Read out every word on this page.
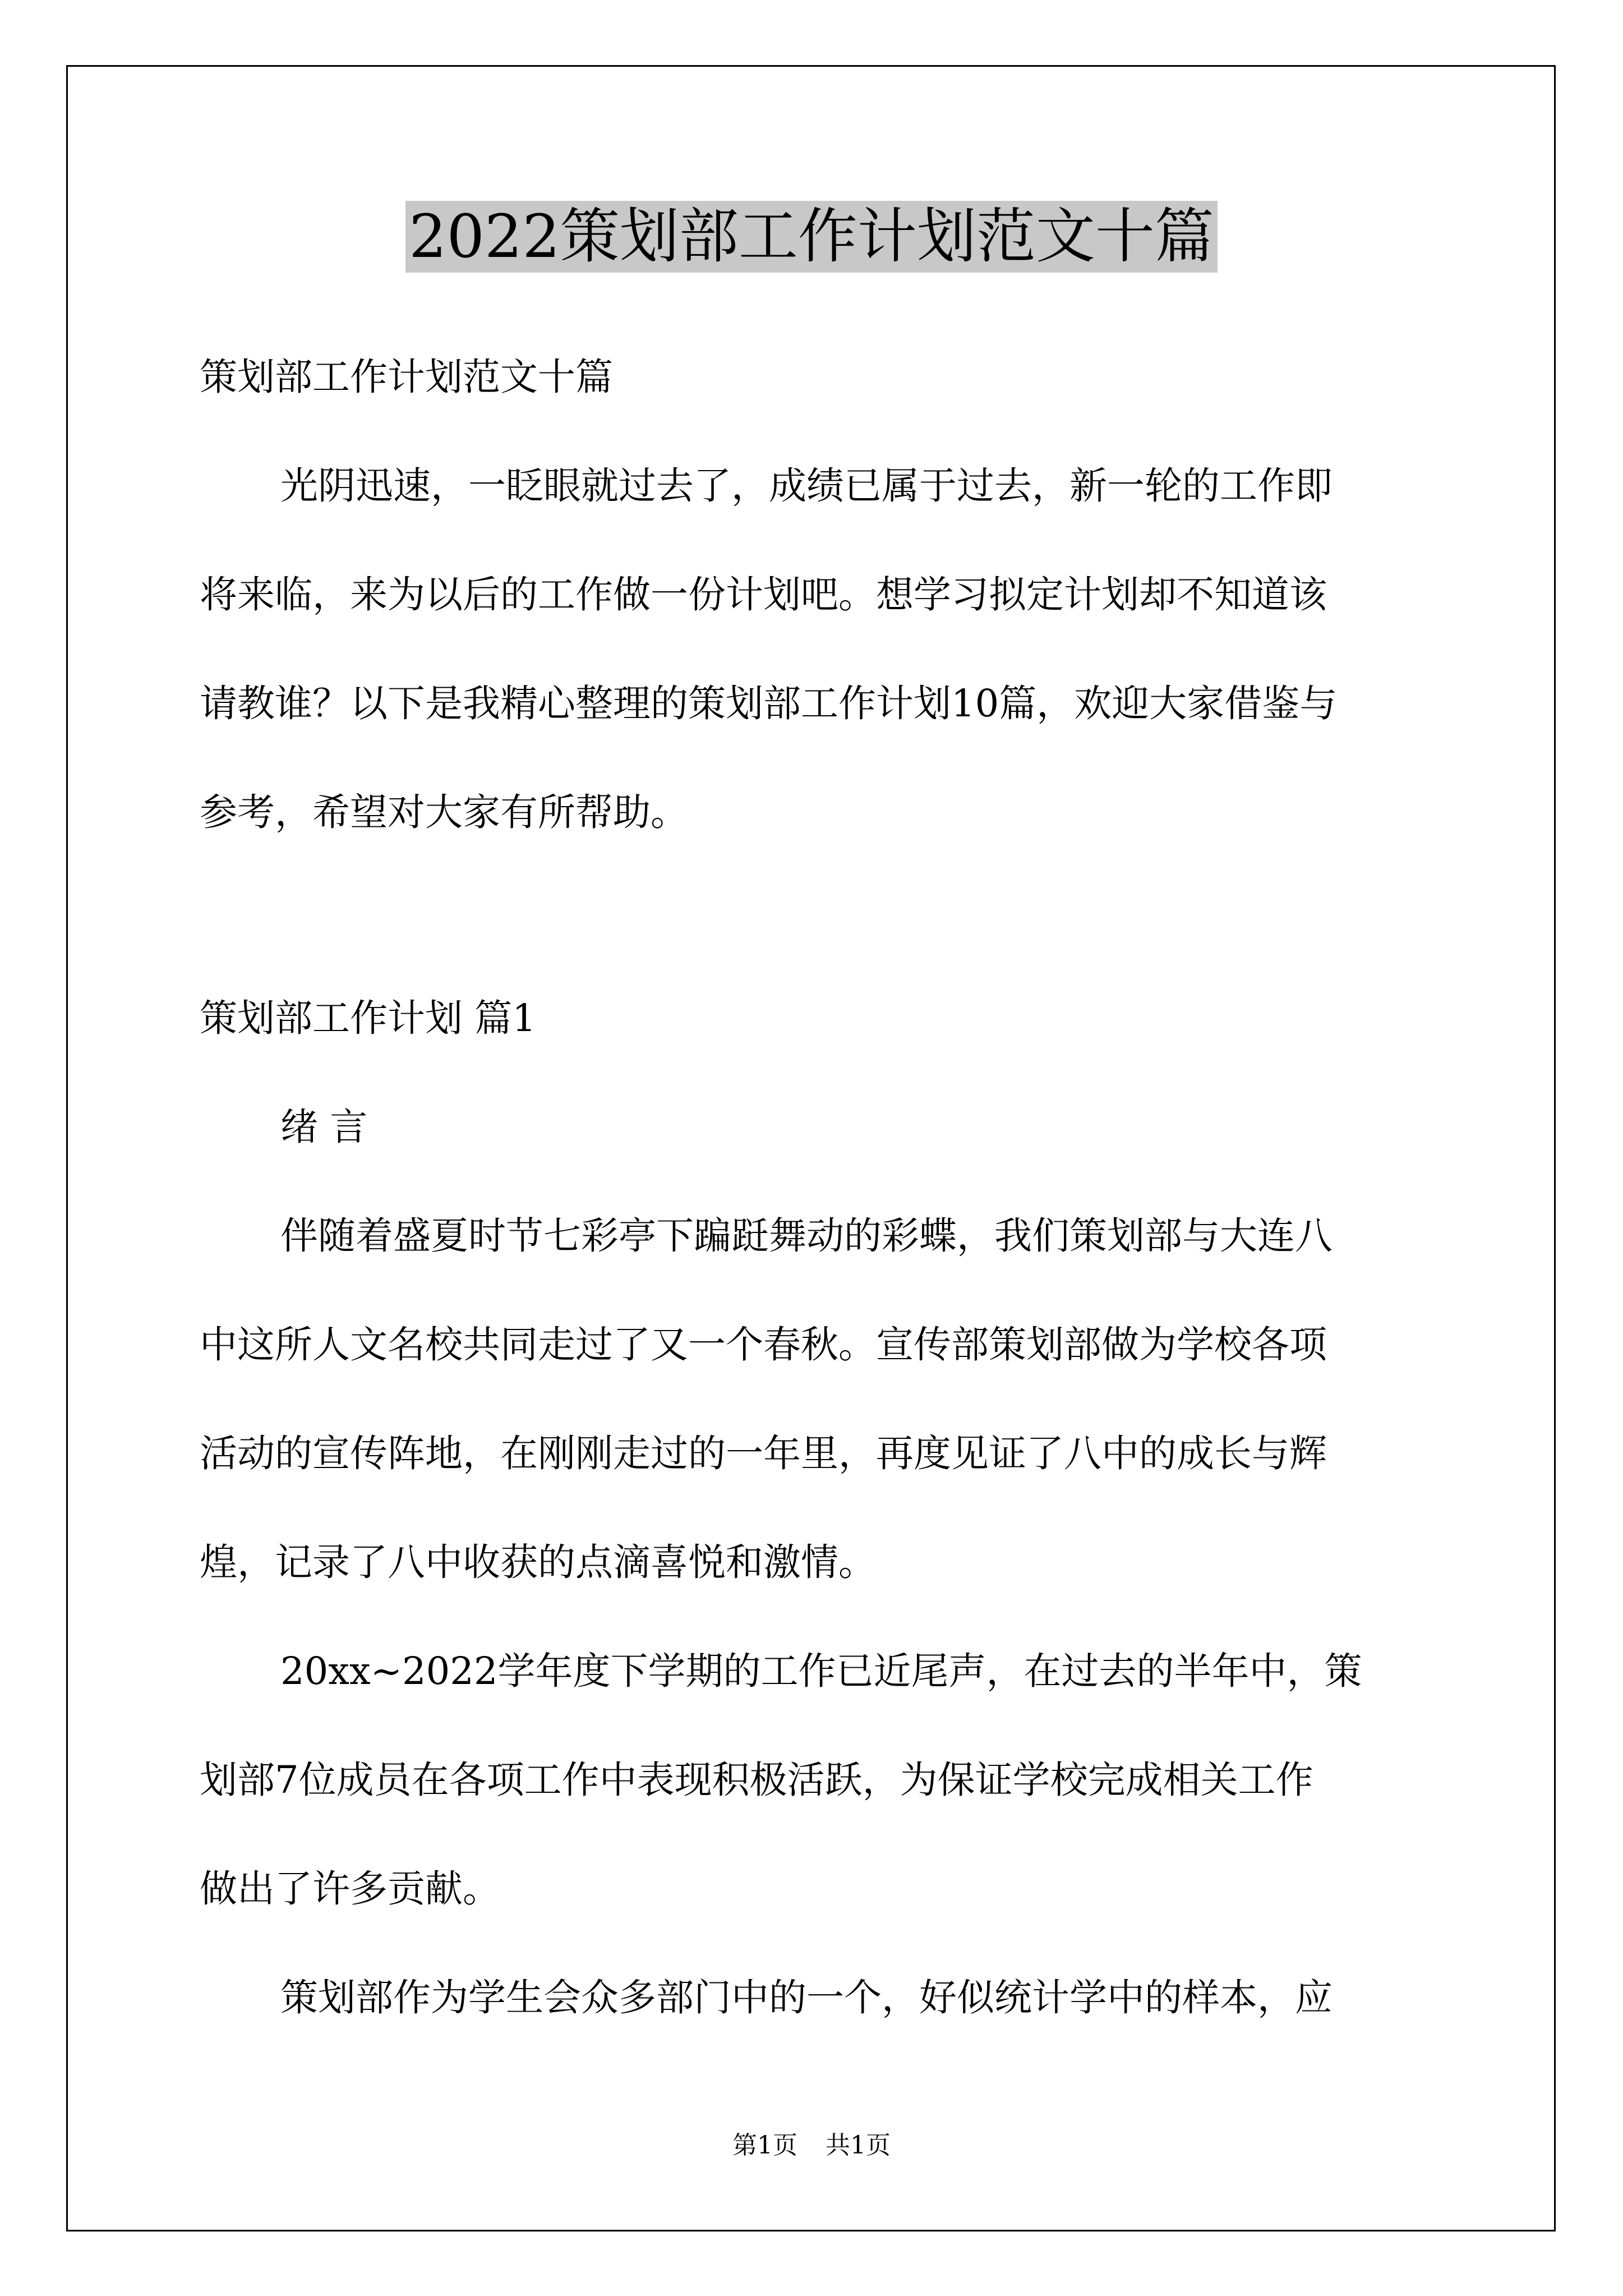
2022策划部工作计划范文十篇
策划部工作计划范文十篇
光阴迅速，一眨眼就过去了，成绩已属于过去，新一轮的工作即
将来临，来为以后的工作做一份计划吧。想学习拟定计划却不知道该
请教谁？以下是我精心整理的策划部工作计划10篇，欢迎大家借鉴与
参考，希望对大家有所帮助。
策划部工作计划 篇1
绪 言
伴随着盛夏时节七彩亭下蹁跹舞动的彩蝶，我们策划部与大连八
中这所人文名校共同走过了又一个春秋。宣传部策划部做为学校各项
活动的宣传阵地，在刚刚走过的一年里，再度见证了八中的成长与辉
煌，记录了八中收获的点滴喜悦和激情。
20xx~2022学年度下学期的工作已近尾声，在过去的半年中，策
划部7位成员在各项工作中表现积极活跃，为保证学校完成相关工作
做出了许多贡献。
策划部作为学生会众多部门中的一个，好似统计学中的样本，应
第1页 共1页
